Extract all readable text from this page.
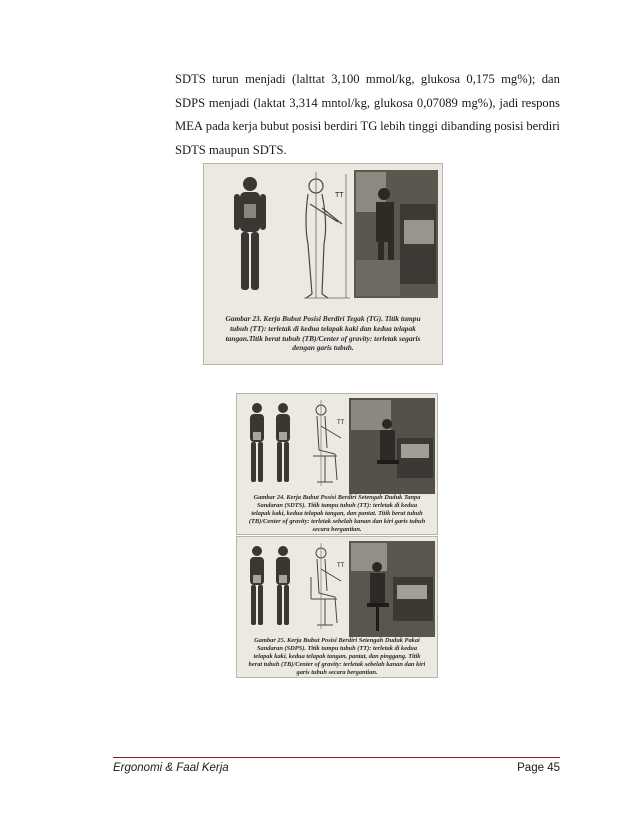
SDTS turun menjadi (lalttat 3,100 mmol/kg, glukosa 0,175 mg%); dan
SDPS menjadi (laktat 3,314 mntol/kg, glukosa 0,07089 mg%), jadi respons
MEA pada kerja bubut posisi berdiri TG lebih tinggi dibanding posisi berdiri
SDTS
maupun
SDTS.
Gambar 23. Kerja Bubut Posisi Berdiri Tegak (TG). Titik tumpu
tubuh (TT): terletak di kedua telapak kaki dan kedua telapak
tangan.Titik berat tubuh (TB)/Center of gravity: terletak segaris
dengan garis tubuh.
TT
Gambar 24. Kerja Bubut Posisi Berdiri Setengah Duduk Tanpa
Sandaran (SDTS). Titik tumpu tubuh (TT): terletak di kedua
telapak kaki, kedua telapak tangan, dan pantat. Titik berat tubuh
(TB)/Center of gravity: terletak sebelah kanan dan kiri garis tubuh
secara bergantian.
TT
Gambar 25. Kerja Bubut Posisi Berdiri Setengah Duduk Pakai
Sandaran (SDPS). Titik tumpu tubuh (TT): terletak di kedua
telapak kaki, kedua telapak tangan, pantat, dan pinggang. Titik
berat tubuh (TB)/Center of gravity: terletak sebelah kanan dan kiri
garis tubuh secara bergantian.
TT
Ergonomi & Faal Kerja	Page 45
